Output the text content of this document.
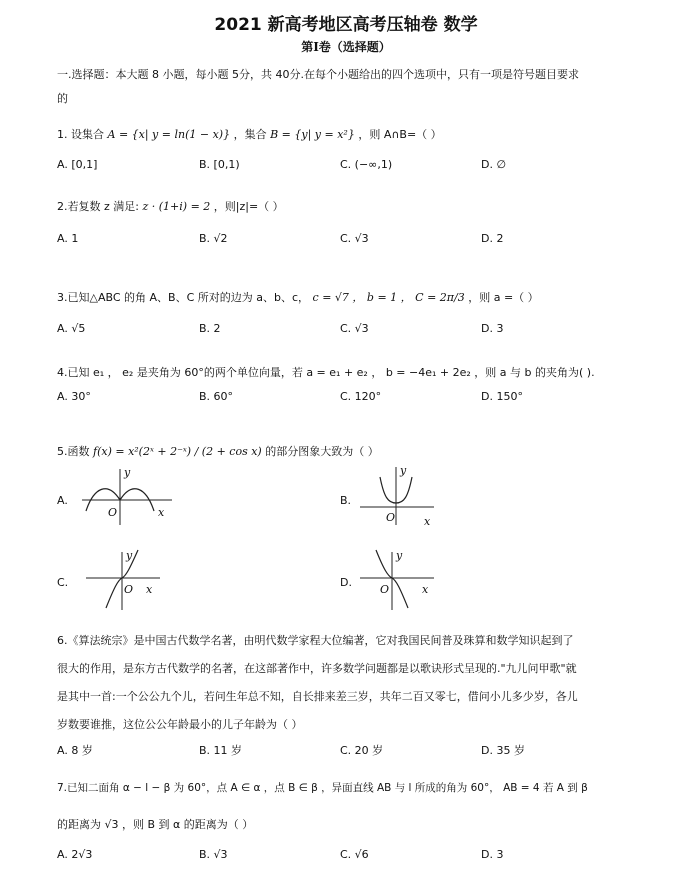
2021 新高考地区高考压轴卷 数学
第Ⅰ卷（选择题）
一.选择题：本大题 8 小题，每小题 5分，共 40分.在每个小题给出的四个选项中，只有一项是符号题目要求
的
1. 设集合 A = {x| y = ln(1 − x)} ，集合 B = {y| y = x²} ，则 A∩B=（ ）
A. [0,1]	B. [0,1)	C. (−∞,1)	D. ∅
2.若复数 z 满足: z · (1+i) = 2 ，则|z|=（ ）
A. 1	B. √2	C. √3	D. 2
3.已知△ABC 的角 A、B、C 所对的边为 a、b、c， c = √7 ， b = 1 ， C = 2π/3 ，则 a =（ ）
A. √5	B. 2	C. √3	D. 3
4.已知 e₁ ， e₂ 是夹角为 60°的两个单位向量，若 a = e₁ + e₂ ， b = −4e₁ + 2e₂ ，则 a 与 b 的夹角为( ).
A. 30°	B. 60°	C. 120°	D. 150°
5.函数 f(x) = x²(2ˣ + 2⁻ˣ) / (2 + cos x) 的部分图象大致为（ ）
A.
y
O	x
B.
y
O	x
C.
y
O x
D.
y
O	x
6.《算法统宗》是中国古代数学名著，由明代数学家程大位编著，它对我国民间普及珠算和数学知识起到了
很大的作用，是东方古代数学的名著，在这部著作中，许多数学问题都是以歌诀形式呈现的."九儿问甲歌"就
是其中一首:一个公公九个儿，若问生年总不知，自长排来差三岁，共年二百又零七，借问小儿多少岁，各儿
岁数要谁推，这位公公年龄最小的儿子年龄为（ ）
A. 8 岁	B. 11 岁	C. 20 岁	D. 35 岁
7.已知二面角 α − l − β 为 60°，点 A ∈ α ，点 B ∈ β ，异面直线 AB 与 l 所成的角为 60°， AB = 4 若 A 到 β
的距离为 √3 ，则 B 到 α 的距离为（ ）
A. 2√3	B. √3	C. √6	D. 3
